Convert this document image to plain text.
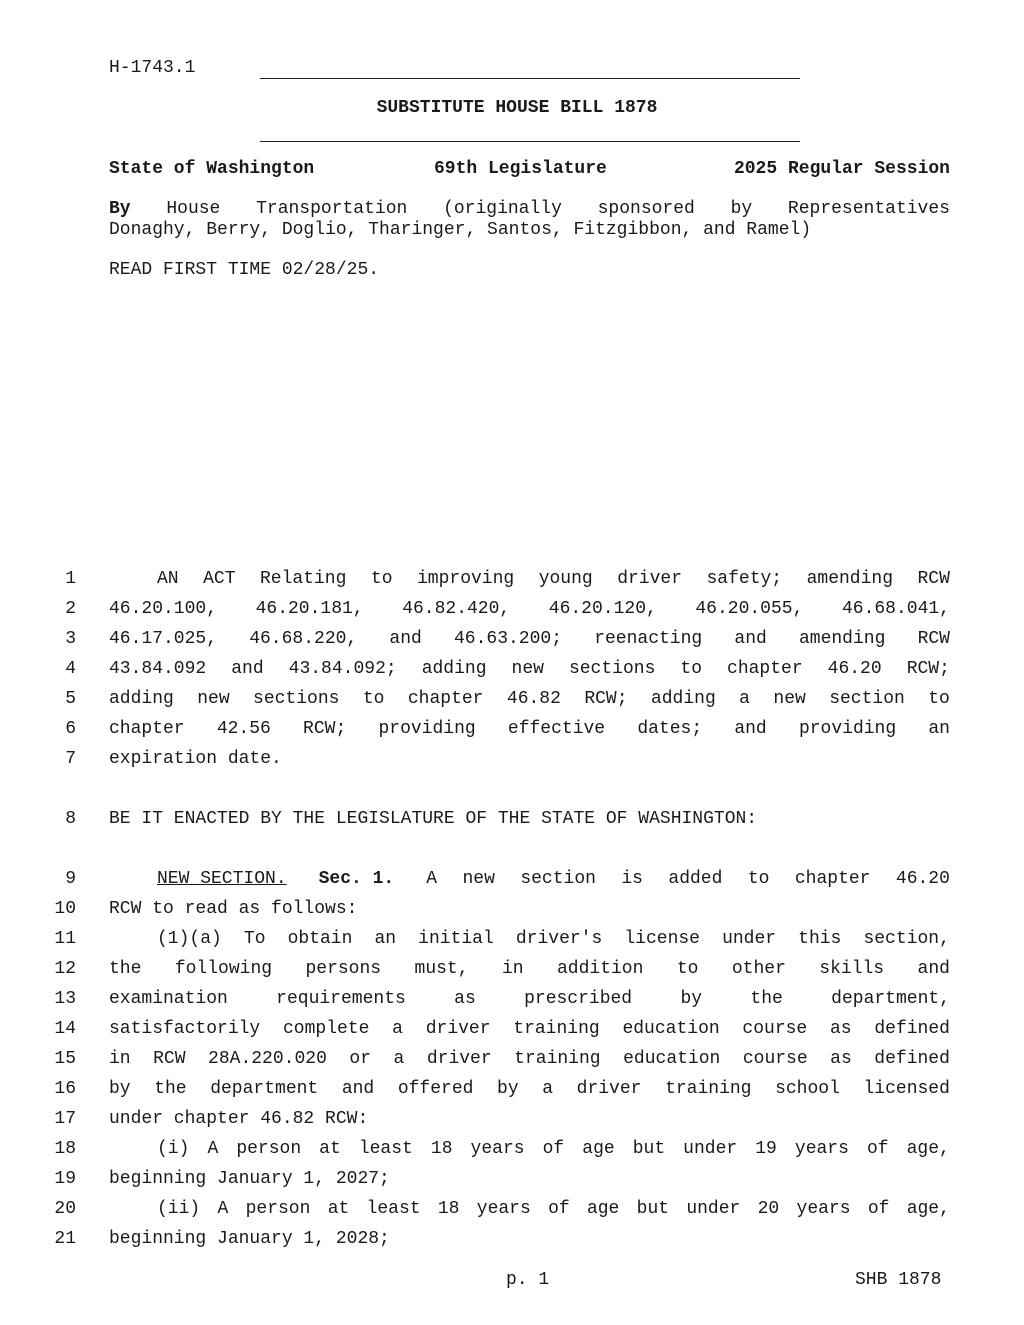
H-1743.1
SUBSTITUTE HOUSE BILL 1878
State of Washington	69th Legislature	2025 Regular Session
By House Transportation (originally sponsored by Representatives
Donaghy, Berry, Doglio, Tharinger, Santos, Fitzgibbon, and Ramel)
READ FIRST TIME 02/28/25.
1	AN ACT Relating to improving young driver safety; amending RCW
2 46.20.100, 46.20.181, 46.82.420, 46.20.120, 46.20.055, 46.68.041,
3 46.17.025, 46.68.220, and 46.63.200; reenacting and amending RCW
4 43.84.092 and 43.84.092; adding new sections to chapter 46.20 RCW;
5 adding new sections to chapter 46.82 RCW; adding a new section to
6 chapter 42.56 RCW; providing effective dates; and providing an
7 expiration date.
8 BE IT ENACTED BY THE LEGISLATURE OF THE STATE OF WASHINGTON:
9	NEW SECTION. Sec. 1. A new section is added to chapter 46.20
10 RCW to read as follows:
11	(1)(a) To obtain an initial driver's license under this section,
12 the following persons must, in addition to other skills and
13 examination	requirements	as	prescribed	by	the	department,
14 satisfactorily complete a driver training education course as defined
15 in RCW 28A.220.020 or a driver training education course as defined
16 by the department and offered by a driver training school licensed
17 under chapter 46.82 RCW:
18	(i) A person at least 18 years of age but under 19 years of age,
19 beginning January 1, 2027;
20	(ii) A person at least 18 years of age but under 20 years of age,
21 beginning January 1, 2028;
p. 1	SHB 1878
